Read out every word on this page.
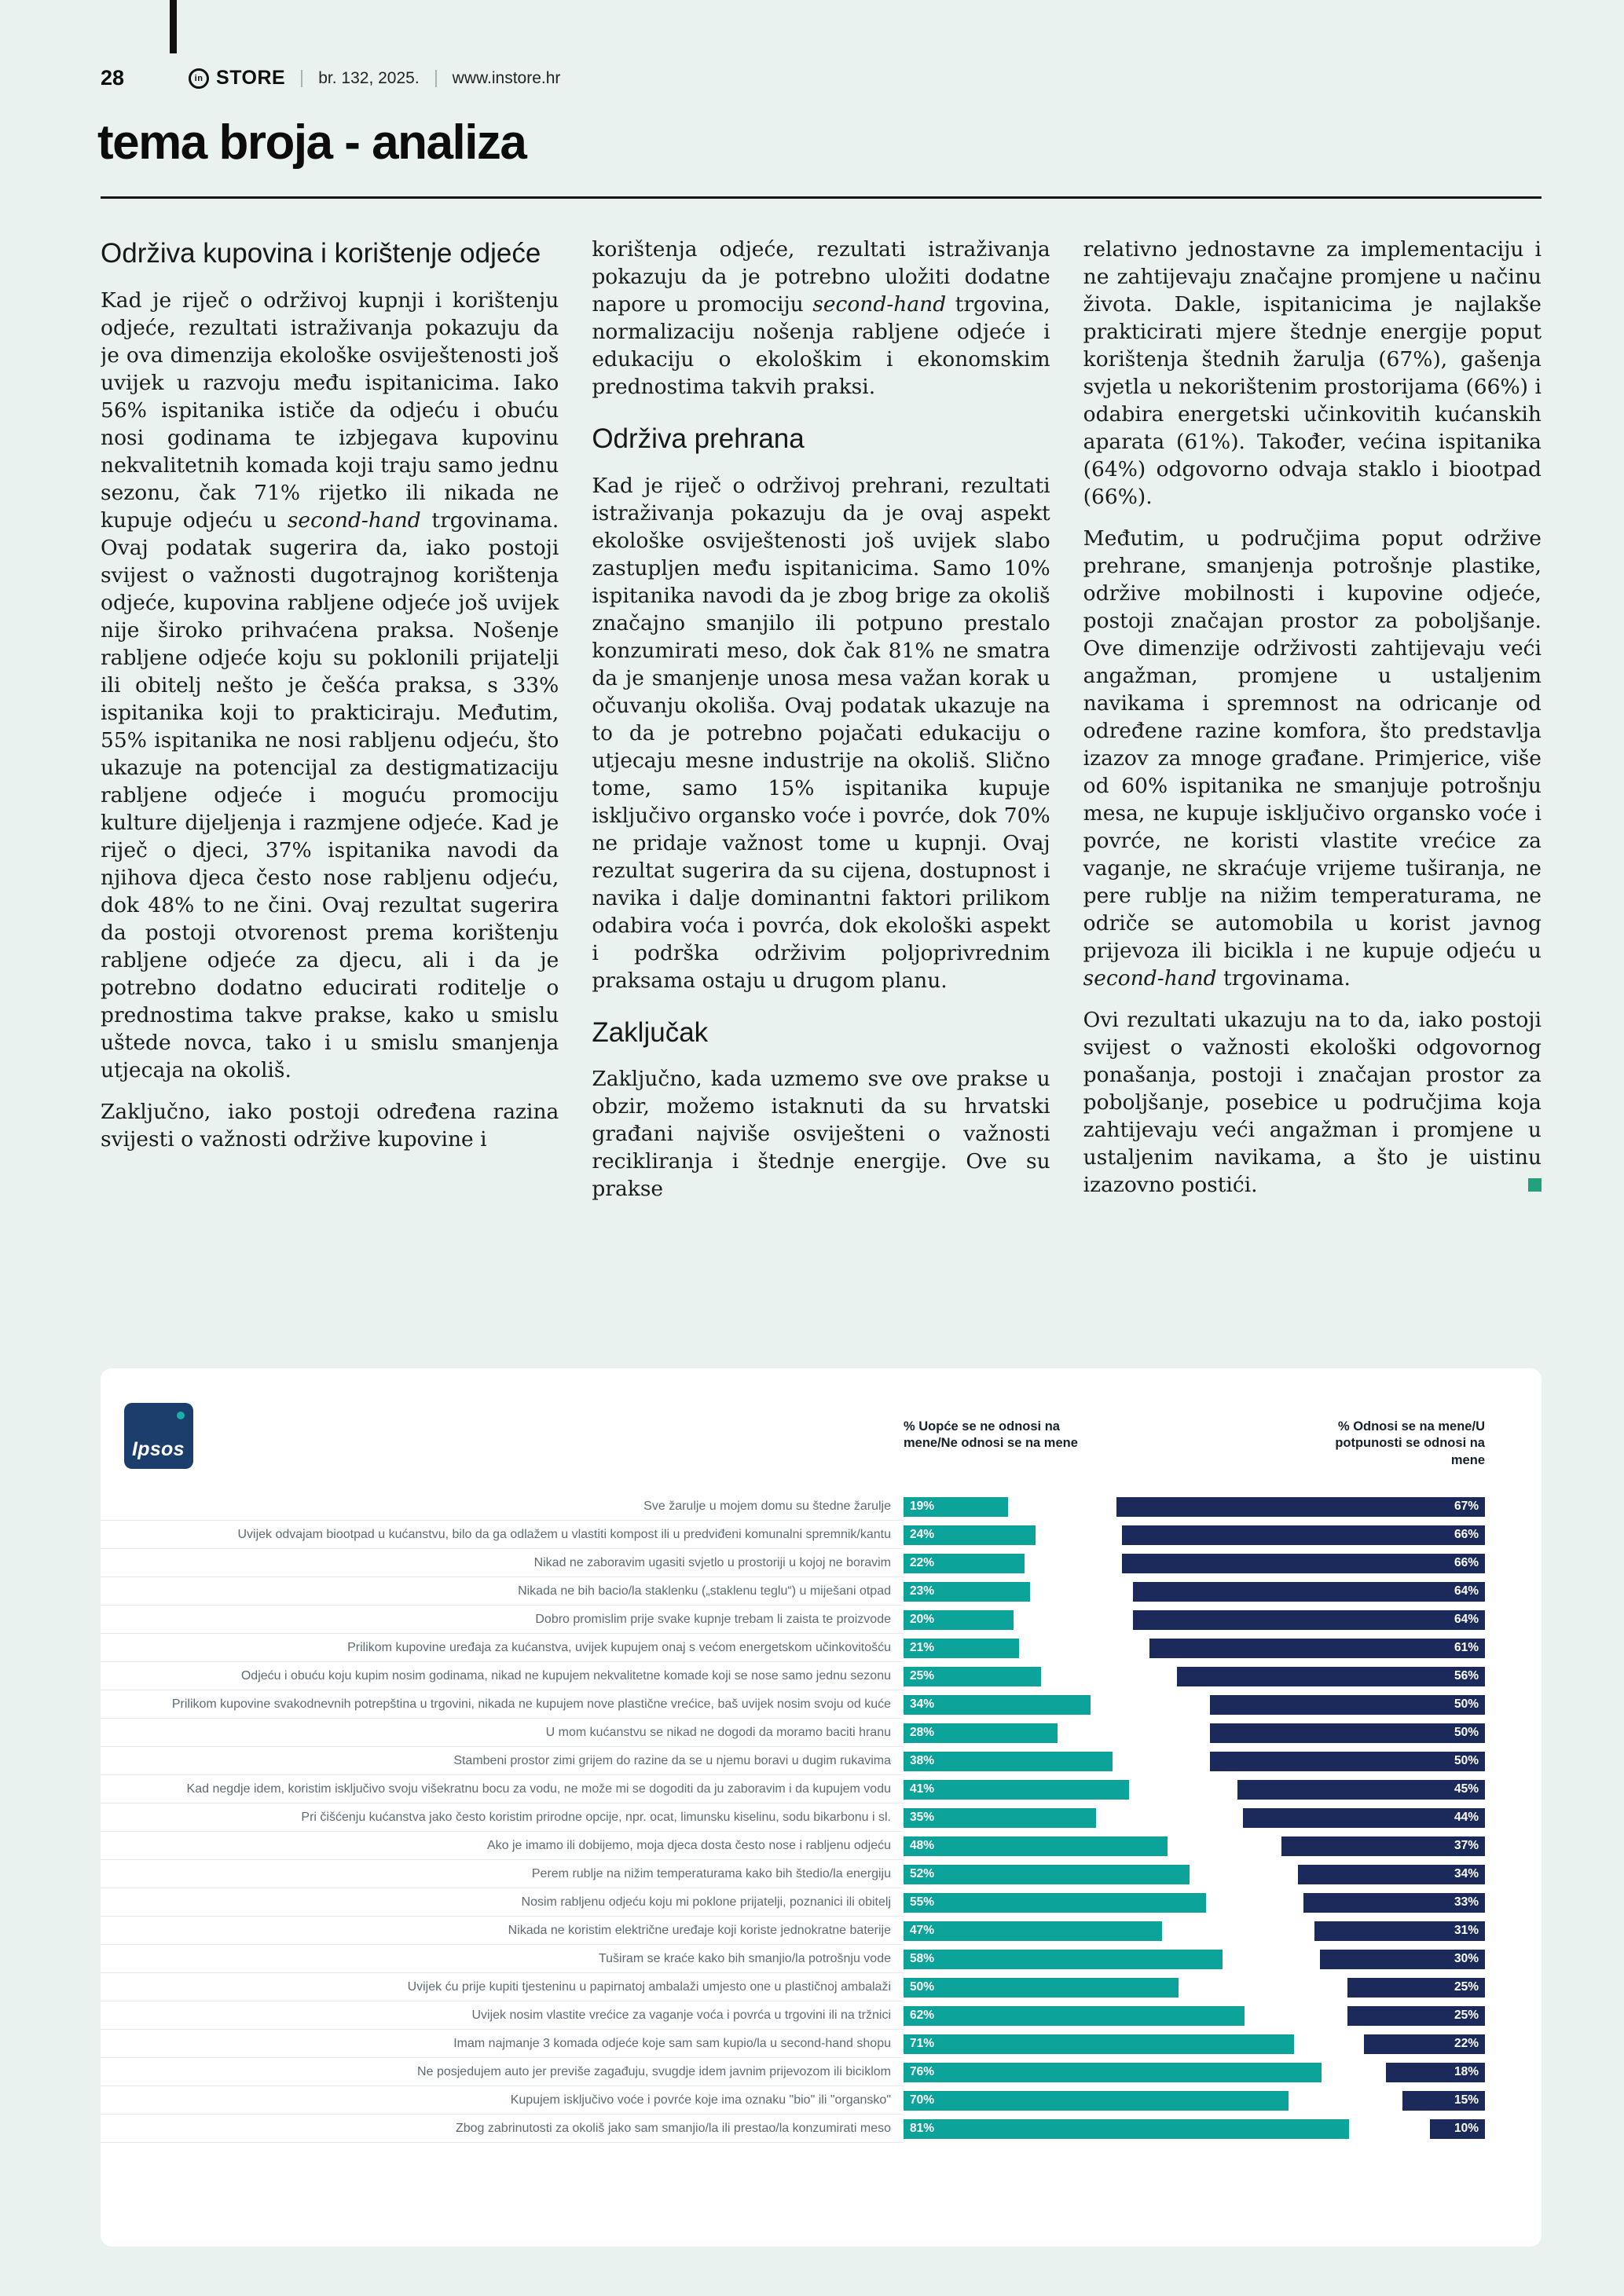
28	in STORE br. 132, 2025. www.instore.hr
tema broja - analiza
Održiva kupovina i korištenje odjeće

Kad je riječ o održivoj kupnji i korištenju odjeće, rezultati istraživanja pokazuju da je ova dimenzija ekološke osviještenosti još uvijek u razvoju među ispitanicima. Iako 56% ispitanika ističe da odjeću i obuću nosi godinama te izbjegava kupovinu nekvalitetnih komada koji traju samo jednu sezonu, čak 71% rijetko ili nikada ne kupuje odjeću u second-hand trgovinama. Ovaj podatak sugerira da, iako postoji svijest o važnosti dugotrajnog korištenja odjeće, kupovina rabljene odjeće još uvijek nije široko prihvaćena praksa. Nošenje rabljene odjeće koju su poklonili prijatelji ili obitelj nešto je češća praksa, s 33% ispitanika koji to prakticiraju. Međutim, 55% ispitanika ne nosi rabljenu odjeću, što ukazuje na potencijal za destigmatizaciju rabljene odjeće i moguću promociju kulture dijeljenja i razmjene odjeće. Kad je riječ o djeci, 37% ispitanika navodi da njihova djeca često nose rabljenu odjeću, dok 48% to ne čini. Ovaj rezultat sugerira da postoji otvorenost prema korištenju rabljene odjeće za djecu, ali i da je potrebno dodatno educirati roditelje o prednostima takve prakse, kako u smislu uštede novca, tako i u smislu smanjenja utjecaja na okoliš.

Zaključno, iako postoji određena razina svijesti o važnosti održive kupovine i

korištenja odjeće, rezultati istraživanja pokazuju da je potrebno uložiti dodatne napore u promociju second-hand trgovina, normalizaciju nošenja rabljene odjeće i edukaciju o ekološkim i ekonomskim prednostima takvih praksi.

Održiva prehrana

Kad je riječ o održivoj prehrani, rezultati istraživanja pokazuju da je ovaj aspekt ekološke osviještenosti još uvijek slabo zastupljen među ispitanicima. Samo 10% ispitanika navodi da je zbog brige za okoliš značajno smanjilo ili potpuno prestalo konzumirati meso, dok čak 81% ne smatra da je smanjenje unosa mesa važan korak u očuvanju okoliša. Ovaj podatak ukazuje na to da je potrebno pojačati edukaciju o utjecaju mesne industrije na okoliš. Slično tome, samo 15% ispitanika kupuje isključivo organsko voće i povrće, dok 70% ne pridaje važnost tome u kupnji. Ovaj rezultat sugerira da su cijena, dostupnost i navika i dalje dominantni faktori prilikom odabira voća i povrća, dok ekološki aspekt i podrška održivim poljoprivrednim praksama ostaju u drugom planu.

Zaključak

Zaključno, kada uzmemo sve ove prakse u obzir, možemo istaknuti da su hrvatski građani najviše osviješteni o važnosti recikliranja i štednje energije. Ove su prakse

relativno jednostavne za implementaciju i ne zahtijevaju značajne promjene u načinu života. Dakle, ispitanicima je najlakše prakticirati mjere štednje energije poput korištenja štednih žarulja (67%), gašenja svjetla u nekorištenim prostorijama (66%) i odabira energetski učinkovitih kućanskih aparata (61%). Također, većina ispitanika (64%) odgovorno odvaja staklo i biootpad (66%).

Međutim, u područjima poput održive prehrane, smanjenja potrošnje plastike, održive mobilnosti i kupovine odjeće, postoji značajan prostor za poboljšanje. Ove dimenzije održivosti zahtijevaju veći angažman, promjene u ustaljenim navikama i spremnost na odricanje od određene razine komfora, što predstavlja izazov za mnoge građane. Primjerice, više od 60% ispitanika ne smanjuje potrošnju mesa, ne kupuje isključivo organsko voće i povrće, ne koristi vlastite vrećice za vaganje, ne skraćuje vrijeme tuširanja, ne pere rublje na nižim temperaturama, ne odriče se automobila u korist javnog prijevoza ili bicikla i ne kupuje odjeću u second-hand trgovinama.

Ovi rezultati ukazuju na to da, iako postoji svijest o važnosti ekološki odgovornog ponašanja, postoji i značajan prostor za poboljšanje, posebice u područjima koja zahtijevaju veći angažman i promjene u ustaljenim navikama, a što je uistinu izazovno postići.

Ipsos
% Uopće se ne odnosi na mene/Ne odnosi se na mene
% Odnosi se na mene/U potpunosti se odnosi na mene
Sve žarulje u mojem domu su štedne žarulje	19%	67%
Uvijek odvajam biootpad u kućanstvu, bilo da ga odlažem u vlastiti kompost ili u predviđeni komunalni spremnik/kantu	24%	66%
Nikad ne zaboravim ugasiti svjetlo u prostoriji u kojoj ne boravim	22%	66%
Nikada ne bih bacio/la staklenku („staklenu teglu“) u miješani otpad	23%	64%
Dobro promislim prije svake kupnje trebam li zaista te proizvode	20%	64%
Prilikom kupovine uređaja za kućanstva, uvijek kupujem onaj s većom energetskom učinkovitošću	21%	61%
Odjeću i obuću koju kupim nosim godinama, nikad ne kupujem nekvalitetne komade koji se nose samo jednu sezonu	25%	56%
Prilikom kupovine svakodnevnih potrepština u trgovini, nikada ne kupujem nove plastične vrećice, baš uvijek nosim svoju od kuće	34%	50%
U mom kućanstvu se nikad ne dogodi da moramo baciti hranu	28%	50%
Stambeni prostor zimi grijem do razine da se u njemu boravi u dugim rukavima	38%	50%
Kad negdje idem, koristim isključivo svoju višekratnu bocu za vodu, ne može mi se dogoditi da ju zaboravim i da kupujem vodu	41%	45%
Pri čišćenju kućanstva jako često koristim prirodne opcije, npr. ocat, limunsku kiselinu, sodu bikarbonu i sl.	35%	44%
Ako je imamo ili dobijemo, moja djeca dosta često nose i rabljenu odjeću	48%	37%
Perem rublje na nižim temperaturama kako bih štedio/la energiju	52%	34%
Nosim rabljenu odjeću koju mi poklone prijatelji, poznanici ili obitelj	55%	33%
Nikada ne koristim električne uređaje koji koriste jednokratne baterije	47%	31%
Tuširam se kraće kako bih smanjio/la potrošnju vode	58%	30%
Uvijek ću prije kupiti tjesteninu u papirnatoj ambalaži umjesto one u plastičnoj ambalaži	50%	25%
Uvijek nosim vlastite vrećice za vaganje voća i povrća u trgovini ili na tržnici	62%	25%
Imam najmanje 3 komada odjeće koje sam sam kupio/la u second-hand shopu	71%	22%
Ne posjedujem auto jer previše zagađuju, svugdje idem javnim prijevozom ili biciklom	76%	18%
Kupujem isključivo voće i povrće koje ima oznaku "bio" ili "organsko"	70%	15%
Zbog zabrinutosti za okoliš jako sam smanjio/la ili prestao/la konzumirati meso	81%	10%
